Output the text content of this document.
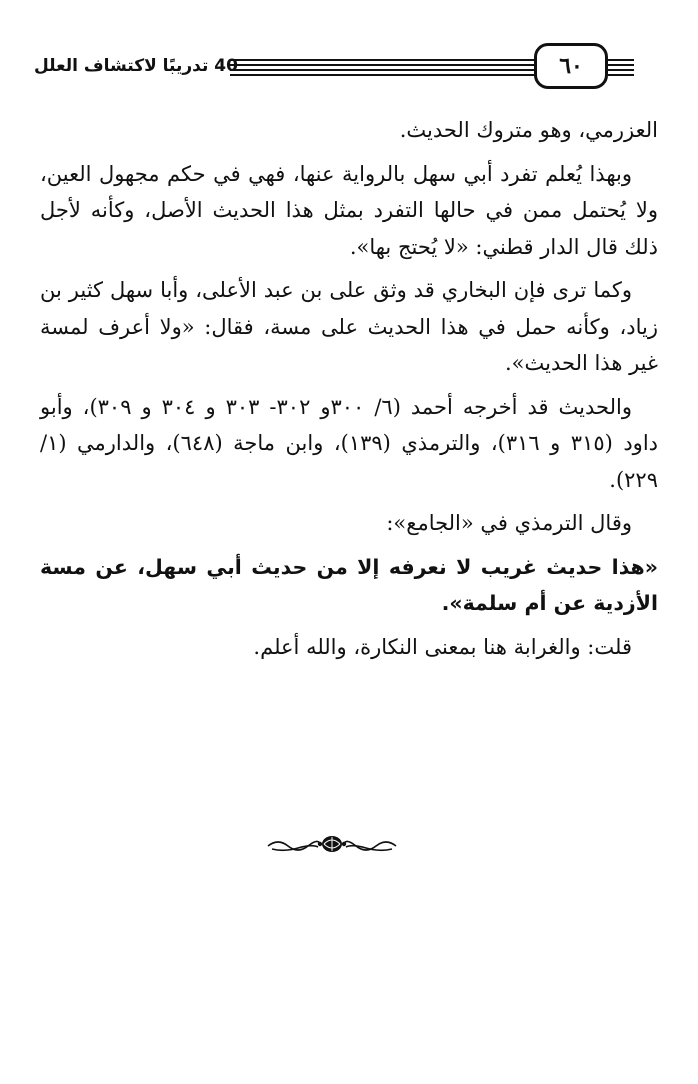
40 تدريبًا لاكتشاف العلل	٦٠

العزرمي، وهو متروك الحديث.

وبهذا يُعلم تفرد أبي سهل بالرواية عنها، فهي في حكم مجهول العين، ولا يُحتمل ممن في حالها التفرد بمثل هذا الحديث الأصل، وكأنه لأجل ذلك قال الدار قطني: «لا يُحتج بها».

وكما ترى فإن البخاري قد وثق على بن عبد الأعلى، وأبا سهل كثير بن زياد، وكأنه حمل في هذا الحديث على مسة، فقال: «ولا أعرف لمسة غير هذا الحديث».

والحديث قد أخرجه أحمد (٦/ ٣٠٠و ٣٠٢- ٣٠٣ و ٣٠٤ و ٣٠٩)، وأبو داود (٣١٥ و ٣١٦)، والترمذي (١٣٩)، وابن ماجة (٦٤٨)، والدارمي (١/ ٢٢٩).

وقال الترمذي في «الجامع»:

«هذا حديث غريب لا نعرفه إلا من حديث أبي سهل، عن مسة الأزدية عن أم سلمة».

قلت: والغرابة هنا بمعنى النكارة، والله أعلم.
